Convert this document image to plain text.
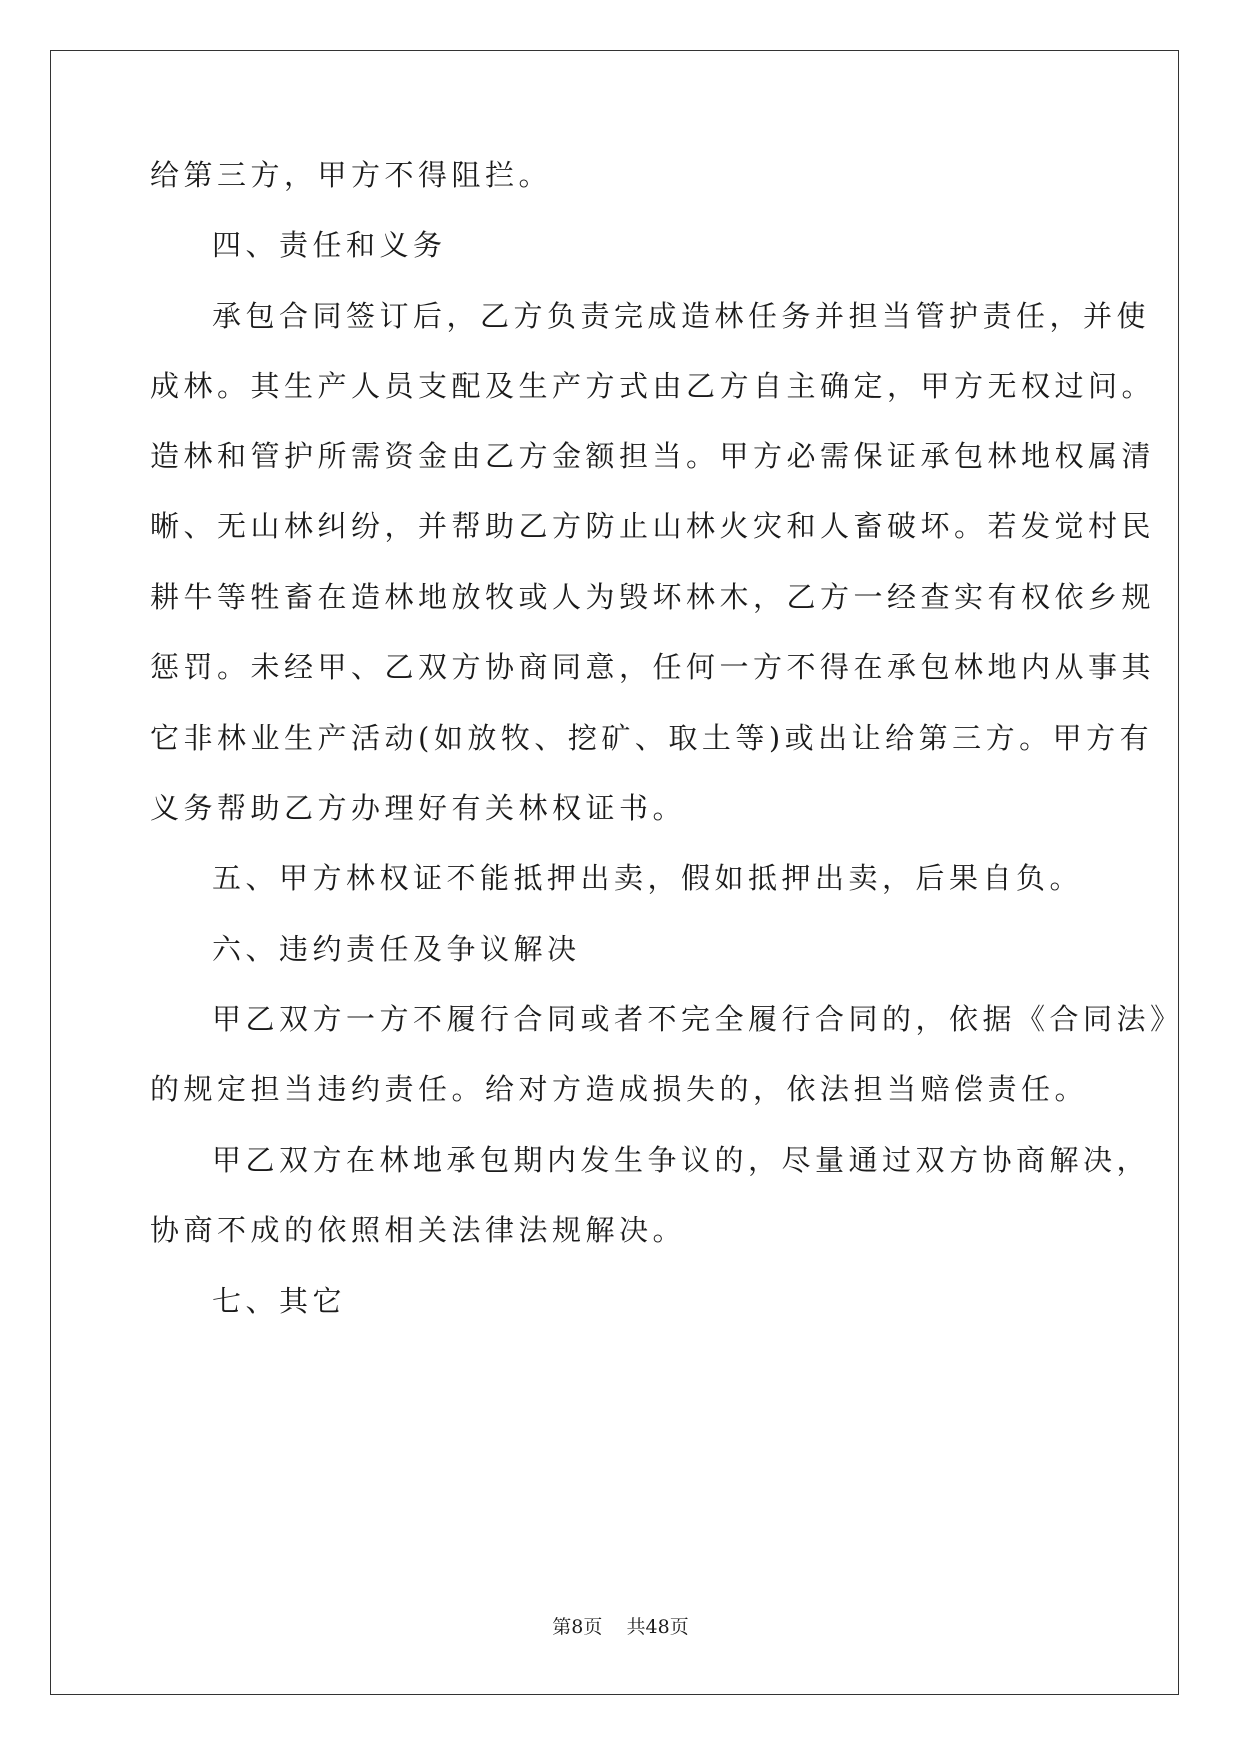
给第三方，甲方不得阻拦。
四、责任和义务
承包合同签订后，乙方负责完成造林任务并担当管护责任，并使
成林。其生产人员支配及生产方式由乙方自主确定，甲方无权过问。
造林和管护所需资金由乙方金额担当。甲方必需保证承包林地权属清
晰、无山林纠纷，并帮助乙方防止山林火灾和人畜破坏。若发觉村民
耕牛等牲畜在造林地放牧或人为毁坏林木，乙方一经查实有权依乡规
惩罚。未经甲、乙双方协商同意，任何一方不得在承包林地内从事其
它非林业生产活动(如放牧、挖矿、取土等)或出让给第三方。甲方有
义务帮助乙方办理好有关林权证书。
五、甲方林权证不能抵押出卖，假如抵押出卖，后果自负。
六、违约责任及争议解决
甲乙双方一方不履行合同或者不完全履行合同的，依据《合同法》
的规定担当违约责任。给对方造成损失的，依法担当赔偿责任。
甲乙双方在林地承包期内发生争议的，尽量通过双方协商解决，
协商不成的依照相关法律法规解决。
七、其它
第8页    共48页
